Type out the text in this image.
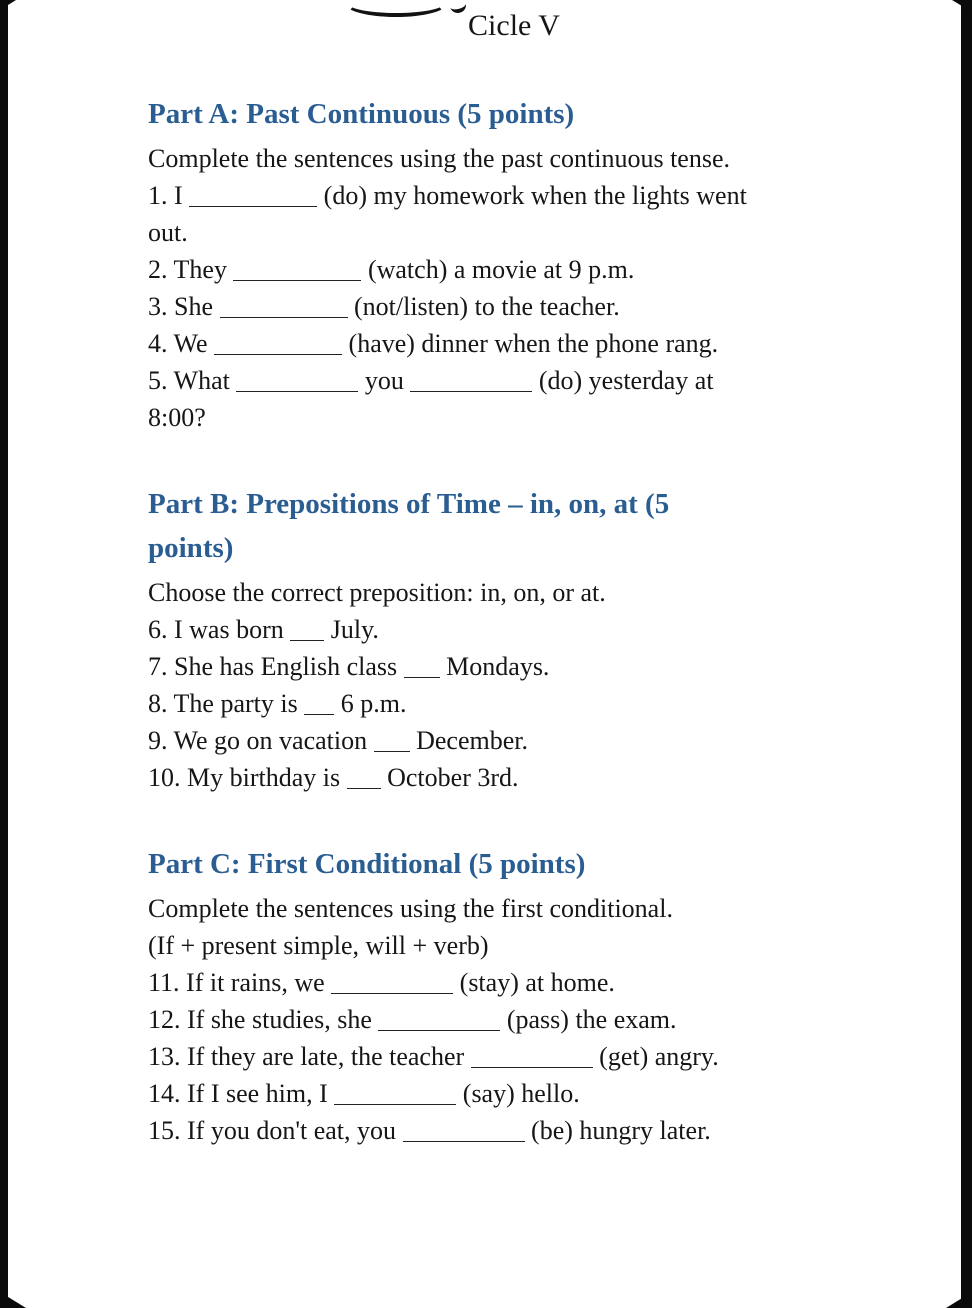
Cicle V
Part A: Past Continuous (5 points)

Complete the sentences using the past continuous tense.

1. I	(do) my homework when the lights went
out.

2. They	(watch) a movie at 9 p.m.

3. She	(not/listen) to the teacher.

4. We	(have) dinner when the phone rang.

5. What	you	(do) yesterday at
8:00?

Part B: Prepositions of Time – in, on, at (5
points)

Choose the correct preposition: in, on, or at.

6. I was born  July.

7. She has English class  Mondays.

8. The party is  6 p.m.

9. We go on vacation  December.

10. My birthday is  October 3rd.

Part C: First Conditional (5 points)

Complete the sentences using the first conditional.

(If + present simple, will + verb)

11. If it rains, we	(stay) at home.

12. If she studies, she	(pass) the exam.

13. If they are late, the teacher	(get) angry.

14. If I see him, I	(say) hello.

15. If you don't eat, you	(be) hungry later.
